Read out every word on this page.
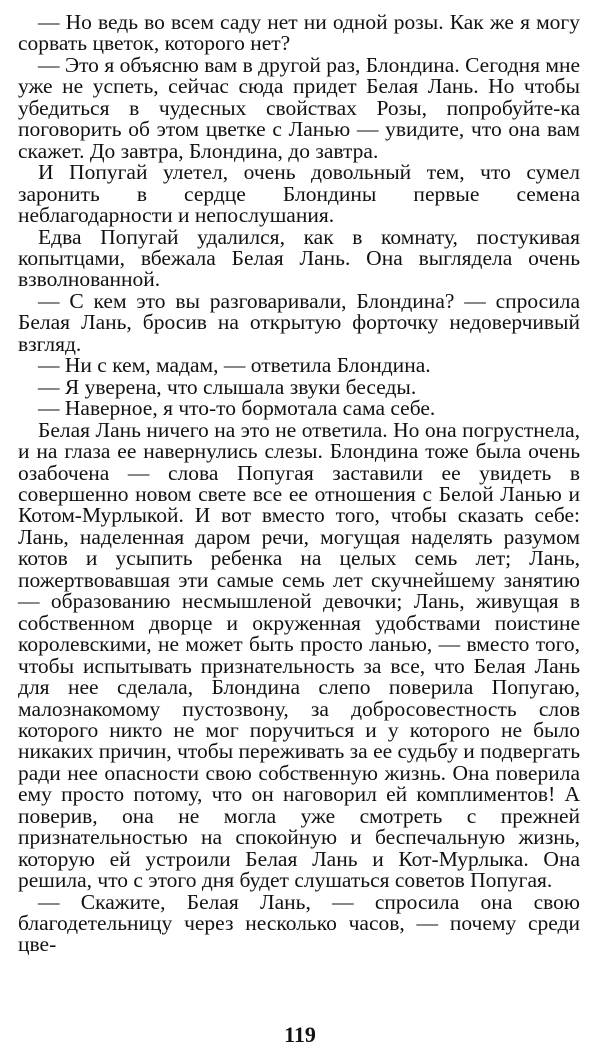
— Но ведь во всем саду нет ни одной розы. Как же я могу сорвать цветок, которого нет?

— Это я объясню вам в другой раз, Блондина. Сегодня мне уже не успеть, сейчас сюда придет Белая Лань. Но чтобы убедиться в чудесных свойствах Розы, попробуйте-ка поговорить об этом цветке с Ланью — увидите, что она вам скажет. До завтра, Блондина, до завтра.

И Попугай улетел, очень довольный тем, что сумел заронить в сердце Блондины первые семена неблагодарности и непослушания.

Едва Попугай удалился, как в комнату, постукивая копытцами, вбежала Белая Лань. Она выглядела очень взволнованной.

— С кем это вы разговаривали, Блондина? — спросила Белая Лань, бросив на открытую форточку недоверчивый взгляд.

— Ни с кем, мадам, — ответила Блондина.

— Я уверена, что слышала звуки беседы.

— Наверное, я что-то бормотала сама себе.

Белая Лань ничего на это не ответила. Но она погрустнела, и на глаза ее навернулись слезы. Блондина тоже была очень озабочена — слова Попугая заставили ее увидеть в совершенно новом свете все ее отношения с Белой Ланью и Котом-Мурлыкой. И вот вместо того, чтобы сказать себе: Лань, наделенная даром речи, могущая наделять разумом котов и усыпить ребенка на целых семь лет; Лань, пожертвовавшая эти самые семь лет скучнейшему занятию — образованию несмышленой девочки; Лань, живущая в собственном дворце и окруженная удобствами поистине королевскими, не может быть просто ланью, — вместо того, чтобы испытывать признательность за все, что Белая Лань для нее сделала, Блондина слепо поверила Попугаю, малознакомому пустозвону, за добросовестность слов которого никто не мог поручиться и у которого не было никаких причин, чтобы переживать за ее судьбу и подвергать ради нее опасности свою собственную жизнь. Она поверила ему просто потому, что он наговорил ей комплиментов! А поверив, она не могла уже смотреть с прежней признательностью на спокойную и беспечальную жизнь, которую ей устроили Белая Лань и Кот-Мурлыка. Она решила, что с этого дня будет слушаться советов Попугая.

— Скажите, Белая Лань, — спросила она свою благодетельницу через несколько часов, — почему среди цве-

119
